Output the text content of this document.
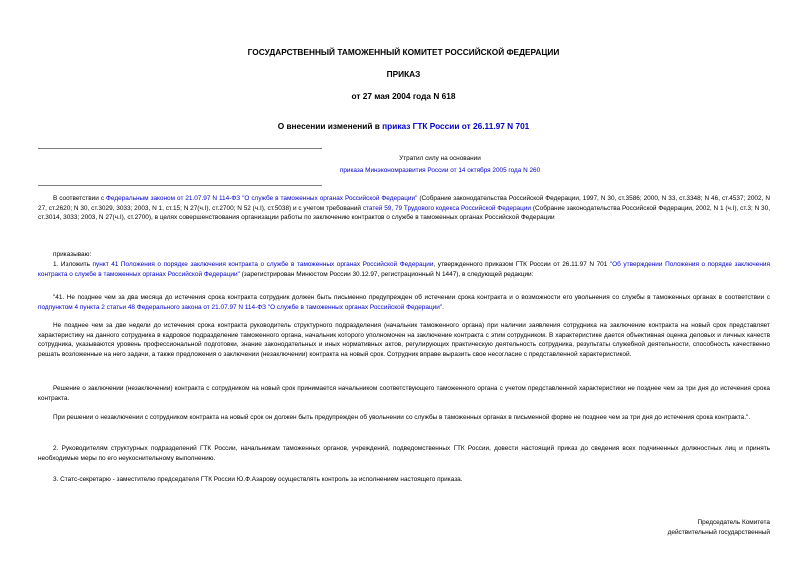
ГОСУДАРСТВЕННЫЙ ТАМОЖЕННЫЙ КОМИТЕТ РОССИЙСКОЙ ФЕДЕРАЦИИ
ПРИКАЗ
от 27 мая 2004 года N 618
О внесении изменений в приказ ГТК России от 26.11.97 N 701
Утратил силу на основании
приказа Минэкономразвития России от 14 октября 2005 года N 260
В соответствии с Федеральным законом от 21.07.97 N 114-ФЗ "О службе в таможенных органах Российской Федерации" (Собрание законодательства Российской Федерации, 1997, N 30, ст.3586; 2000, N 33, ст.3348; N 46, ст.4537; 2002, N 27, ст.2620; N 30, ст.3029, 3033; 2003, N 1, ст.15; N 27(ч.I), ст.2700; N 52 (ч.I), ст.5038) и с учетом требований статей 59, 79 Трудового кодекса Российской Федерации (Собрание законодательства Российской Федерации, 2002, N 1 (ч.I), ст.3; N 30, ст.3014, 3033; 2003, N 27(ч.I), ст.2700), в целях совершенствования организации работы по заключению контрактов о службе в таможенных органах Российской Федерации
приказываю:
1. Изложить пункт 41 Положения о порядке заключения контракта о службе в таможенных органах Российской Федерации, утвержденного приказом ГТК России от 26.11.97 N 701 "Об утверждении Положения о порядке заключения контракта о службе в таможенных органах Российской Федерации" (зарегистрирован Минюстом России 30.12.97, регистрационный N 1447), в следующей редакции:
"41. Не позднее чем за два месяца до истечения срока контракта сотрудник должен быть письменно предупрежден об истечении срока контракта и о возможности его увольнения со службы в таможенных органах в соответствии с подпунктом 4 пункта 2 статьи 48 Федерального закона от 21.07.97 N 114-ФЗ "О службе в таможенных органах Российской Федерации".
Не позднее чем за две недели до истечения срока контракта руководитель структурного подразделения (начальник таможенного органа) при наличии заявления сотрудника на заключение контракта на новый срок представляет характеристику на данного сотрудника в кадровое подразделение таможенного органа, начальник которого уполномочен на заключение контракта с этим сотрудником. В характеристике дается объективная оценка деловых и личных качеств сотрудника, указываются уровень профессиональной подготовки, знание законодательных и иных нормативных актов, регулирующих практическую деятельность сотрудника, результаты служебной деятельности, способность качественно решать возложенные на него задачи, а также предложения о заключении (незаключении) контракта на новый срок. Сотрудник вправе выразить свое несогласие с представленной характеристикой.
Решение о заключении (незаключении) контракта с сотрудником на новый срок принимается начальником соответствующего таможенного органа с учетом представленной характеристики не позднее чем за три дня до истечения срока контракта.
При решении о незаключении с сотрудником контракта на новый срок он должен быть предупрежден об увольнении со службы в таможенных органах в письменной форме не позднее чем за три дня до истечения срока контракта.".
2. Руководителям структурных подразделений ГТК России, начальникам таможенных органов, учреждений, подведомственных ГТК России, довести настоящий приказ до сведения всех подчиненных должностных лиц и принять необходимые меры по его неукоснительному выполнению.
3. Статс-секретарю - заместителю председателя ГТК России Ю.Ф.Азарову осуществлять контроль за исполнением настоящего приказа.
Председатель Комитета
действительный государственный
